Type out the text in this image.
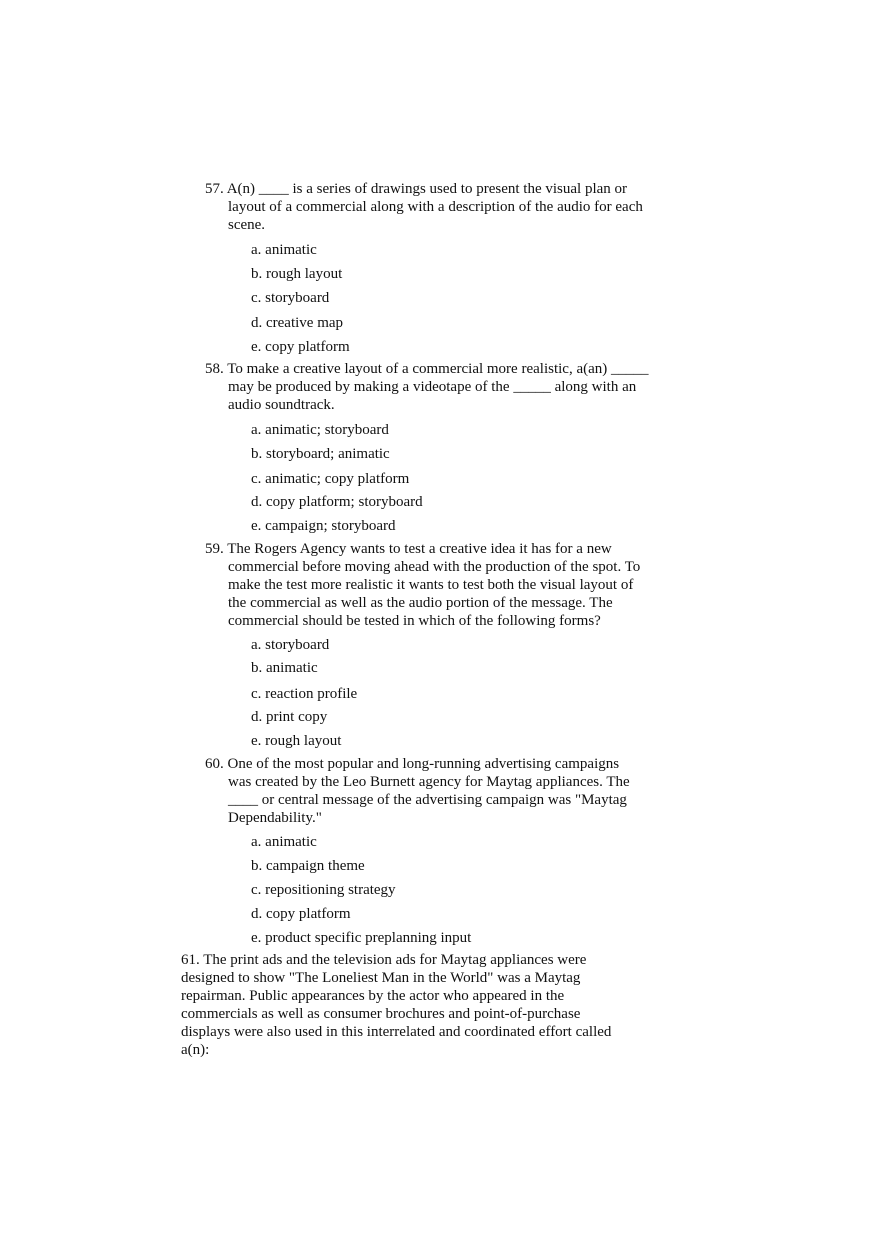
57. A(n) ____ is a series of drawings used to present the visual plan or
layout of a commercial along with a description of the audio for each
scene.
a. animatic
b. rough layout
c. storyboard
d. creative map
e. copy platform
58. To make a creative layout of a commercial more realistic, a(an) _____
may be produced by making a videotape of the _____ along with an
audio soundtrack.
a. animatic; storyboard
b. storyboard; animatic
c. animatic; copy platform
d. copy platform; storyboard
e. campaign; storyboard
59. The Rogers Agency wants to test a creative idea it has for a new
commercial before moving ahead with the production of the spot. To
make the test more realistic it wants to test both the visual layout of
the commercial as well as the audio portion of the message. The
commercial should be tested in which of the following forms?
a. storyboard
b. animatic
c. reaction profile
d. print copy
e. rough layout
60. One of the most popular and long-running advertising campaigns
was created by the Leo Burnett agency for Maytag appliances. The
____ or central message of the advertising campaign was "Maytag
Dependability."
a. animatic
b. campaign theme
c. repositioning strategy
d. copy platform
e. product specific preplanning input
61. The print ads and the television ads for Maytag appliances were
designed to show "The Loneliest Man in the World" was a Maytag
repairman. Public appearances by the actor who appeared in the
commercials as well as consumer brochures and point-of-purchase
displays were also used in this interrelated and coordinated effort called
a(n):
